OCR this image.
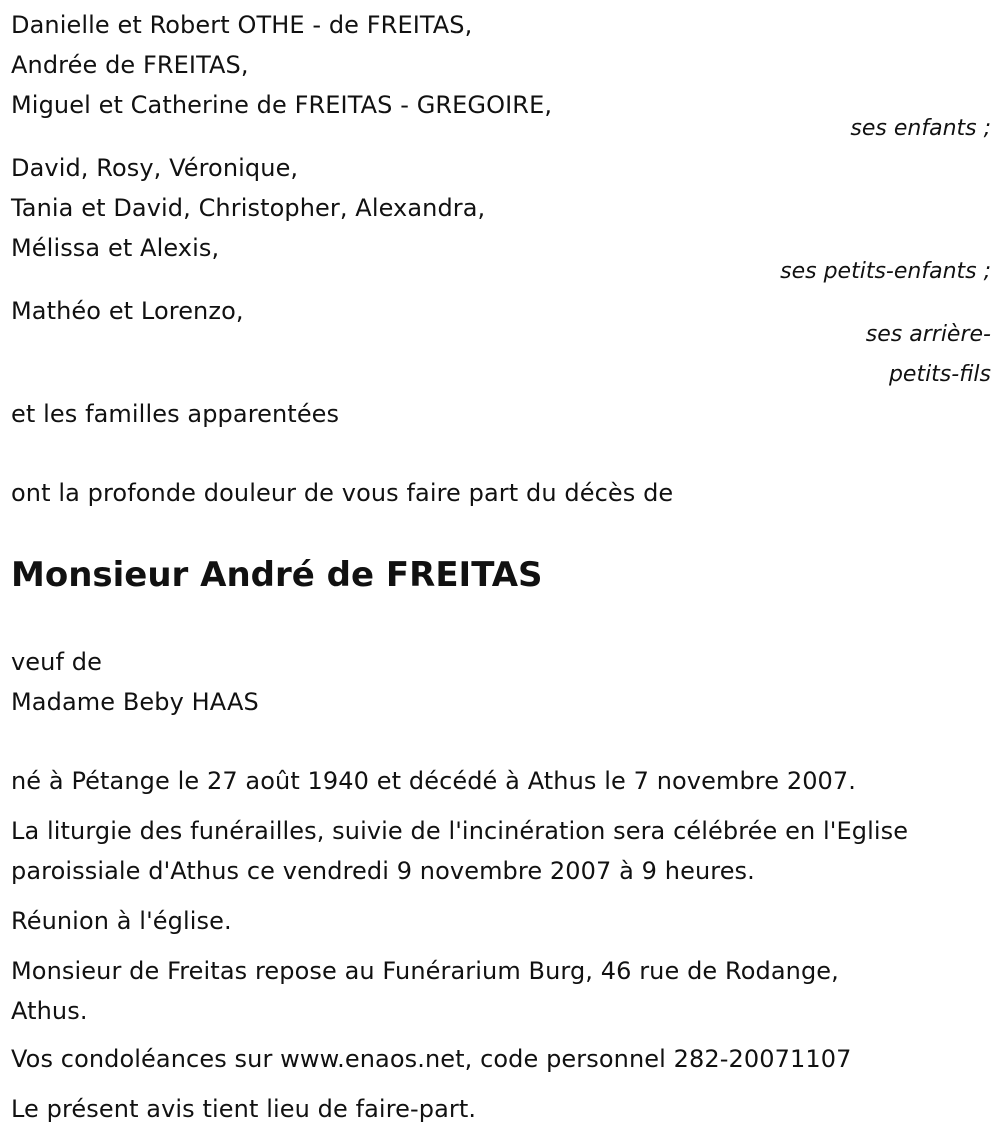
Danielle et Robert OTHE - de FREITAS,
Andrée de FREITAS,
Miguel et Catherine de FREITAS - GREGOIRE,
ses enfants ;
David, Rosy, Véronique,
Tania et David, Christopher, Alexandra,
Mélissa et Alexis,
ses petits-enfants ;
Mathéo et Lorenzo,
ses arrière-
petits-fils
et les familles apparentées
ont la profonde douleur de vous faire part du décès de
Monsieur André de FREITAS
veuf de
Madame Beby HAAS
né à Pétange le 27 août 1940 et décédé à Athus le 7 novembre 2007.
La liturgie des funérailles, suivie de l'incinération sera célébrée en l'Eglise
paroissiale d'Athus ce vendredi 9 novembre 2007 à 9 heures.
Réunion à l'église.
Monsieur de Freitas repose au Funérarium Burg, 46 rue de Rodange,
Athus.
Vos condoléances sur www.enaos.net, code personnel 282-20071107
Le présent avis tient lieu de faire-part.
